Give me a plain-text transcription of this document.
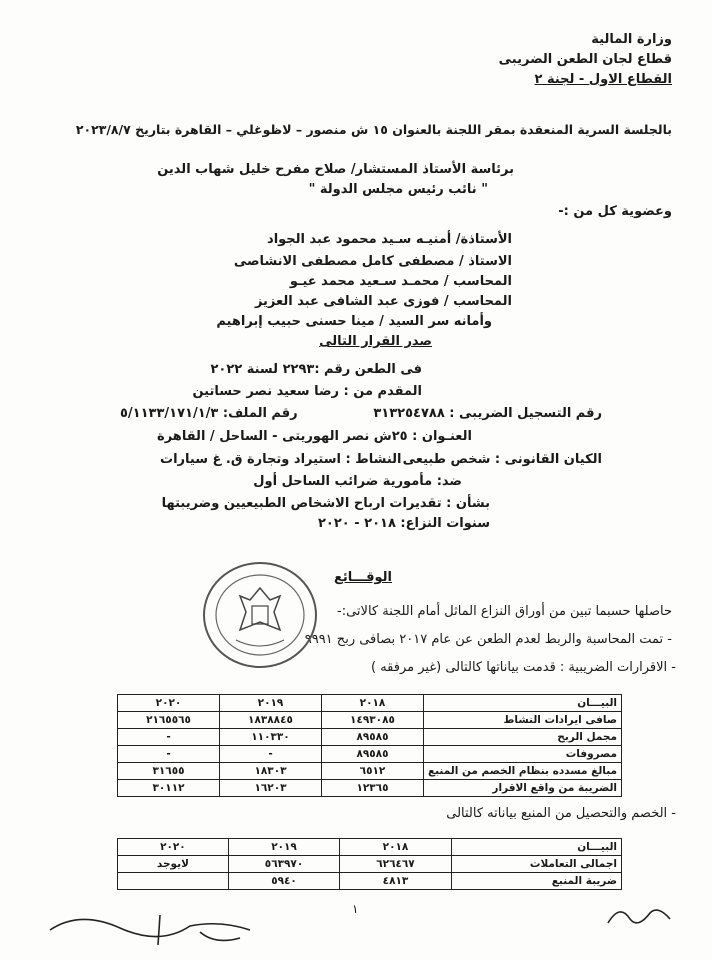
وزارة المالية
قطاع لجان الطعن الضريبى
القطاع الاول - لجنة ٢
بالجلسة السرية المنعقدة بمقر اللجنة بالعنوان ١٥ ش منصور – لاظوغلي – القاهرة بتاريخ ٢٠٢٣/٨/٧
برئاسة الأستاذ المستشار/ صلاح مفرح خليل شهاب الدين
" نائب رئيس مجلس الدولة "
وعضوية كل من :-
الأستاذة/ أمنيـه سـيد محمود عبد الجواد
الاستاذ / مصطفى كامل مصطفى الانشاصى
المحاسب / محمـد سـعيد محمد عيـو
المحاسب / فوزى عبد الشافى عبد العزيز
وأمانه سر السيد / مينا حسنى حبيب إبراهيم
صدر القرار التالى
فى الطعن رقم :٢٢٩٣ لسنة ٢٠٢٢
المقدم من : رضا سعيد نصر حساتين
رقم التسجيل الضريبى : ٣١٣٢٥٤٧٨٨
رقم الملف: ٥/١١٣٣/١٧١/١/٣
العنـوان : ٢٥ش نصر الهوريتى - الساحل / القاهرة
الكيان القانونى : شخص طبيعى
النشاط : استيراد وتجارة ق. غ سيارات
ضد: مأمورية ضرائب الساحل أول
بشأن : تقديرات ارباح الاشخاص الطبيعيين وضريبتها
سنوات النزاع: ٢٠١٨ - ٢٠٢٠
الوقـــائع
حاصلها حسبما تبين من أوراق النزاع الماثل أمام اللجنة كالاتى:-
- تمت المحاسبة والربط لعدم الطعن عن عام ٢٠١٧ بصافى ربح ٩٩٩١
- الاقرارات الضريبية : قدمت بياناتها كالتالى (غير مرفقه )
البيـــان	٢٠١٨	٢٠١٩	٢٠٢٠
صافى ايرادات النشاط	١٤٩٣٠٨٥	١٨٣٨٨٤٥	٢١٦٥٥٦٥
مجمل الربح	٨٩٥٨٥	١١٠٣٣٠	-
مصروفات	٨٩٥٨٥	-	-
مبالغ مسدده بنظام الخصم من المنبع	٦٥١٢	١٨٣٠٣	٣١٦٥٥
الضريبة من واقع الاقرار	١٢٣٦٥	١٦٢٠٣	٣٠١١٢
- الخصم والتحصيل من المنبع بياناته كالتالى
البيـــان	٢٠١٨	٢٠١٩	٢٠٢٠
اجمالى التعاملات	٦٢٦٤٦٧	٥٦٣٩٧٠	لايوجد
ضريبة المنبع	٤٨١٣	٥٩٤٠	
١
